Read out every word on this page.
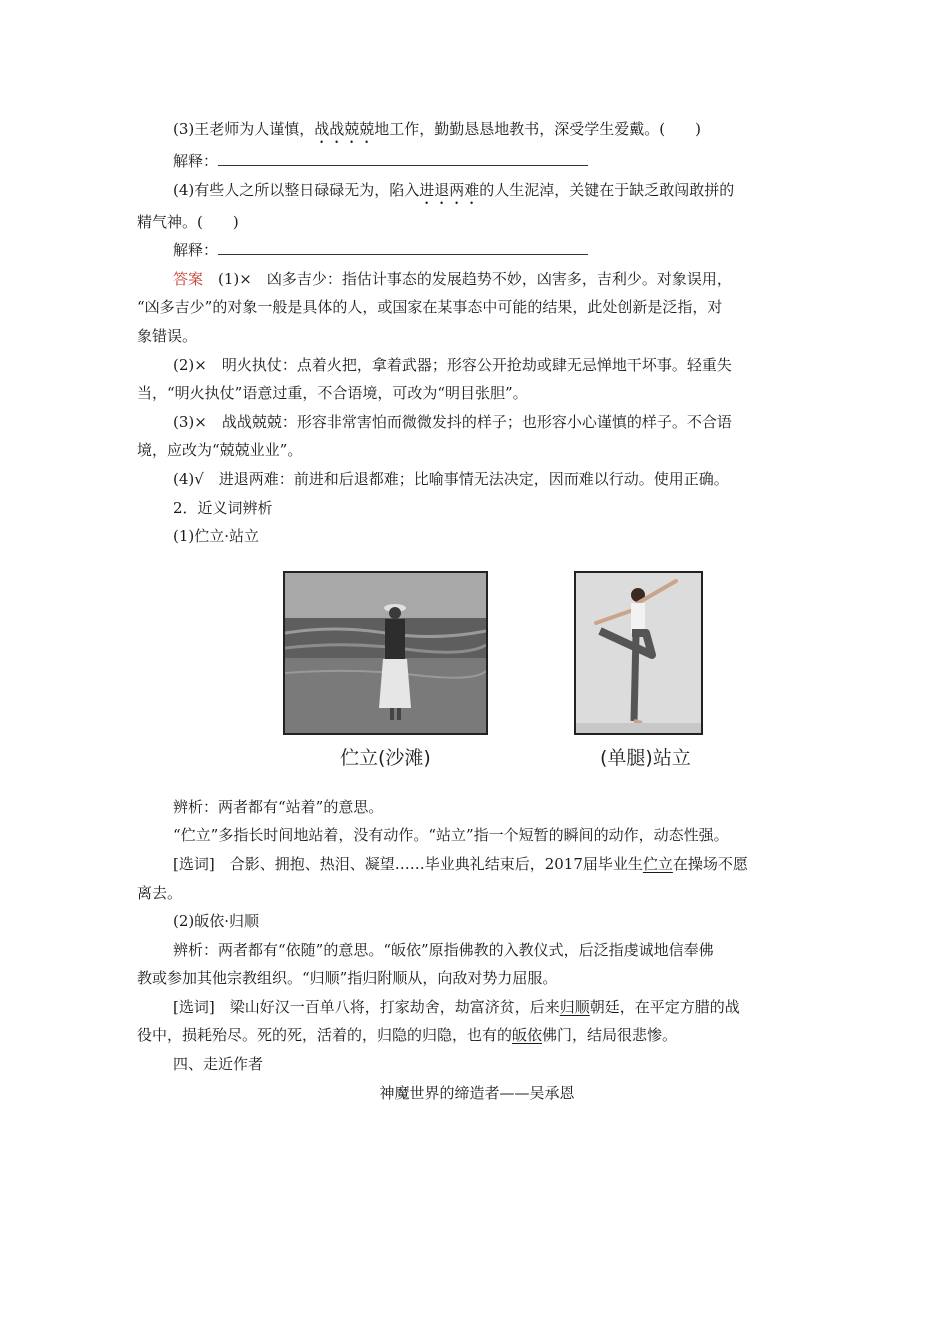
(3)王老师为人谨慎，战战兢兢地工作，勤勤恳恳地教书，深受学生爱戴。(　　)
解释：
(4)有些人之所以整日碌碌无为，陷入进退两难的人生泥淖，关键在于缺乏敢闯敢拼的
精气神。(　　)
解释：
答案　(1)×　凶多吉少：指估计事态的发展趋势不妙，凶害多，吉利少。对象误用，
“凶多吉少”的对象一般是具体的人，或国家在某事态中可能的结果，此处创新是泛指，对
象错误。
(2)×　明火执仗：点着火把，拿着武器；形容公开抢劫或肆无忌惮地干坏事。轻重失
当，“明火执仗”语意过重，不合语境，可改为“明目张胆”。
(3)×　战战兢兢：形容非常害怕而微微发抖的样子；也形容小心谨慎的样子。不合语
境，应改为“兢兢业业”。
(4)√　进退两难：前进和后退都难；比喻事情无法决定，因而难以行动。使用正确。
2．近义词辨析
(1)伫立·站立
伫立(沙滩)	(单腿)站立
辨析：两者都有“站着”的意思。
“伫立”多指长时间地站着，没有动作。“站立”指一个短暂的瞬间的动作，动态性强。
[选词]　合影、拥抱、热泪、凝望……毕业典礼结束后，2017届毕业生伫立在操场不愿
离去。
(2)皈依·归顺
辨析：两者都有“依随”的意思。“皈依”原指佛教的入教仪式，后泛指虔诚地信奉佛
教或参加其他宗教组织。“归顺”指归附顺从，向敌对势力屈服。
[选词]　梁山好汉一百单八将，打家劫舍，劫富济贫，后来归顺朝廷，在平定方腊的战
役中，损耗殆尽。死的死，活着的，归隐的归隐，也有的皈依佛门，结局很悲惨。
四、走近作者
神魔世界的缔造者——吴承恩
